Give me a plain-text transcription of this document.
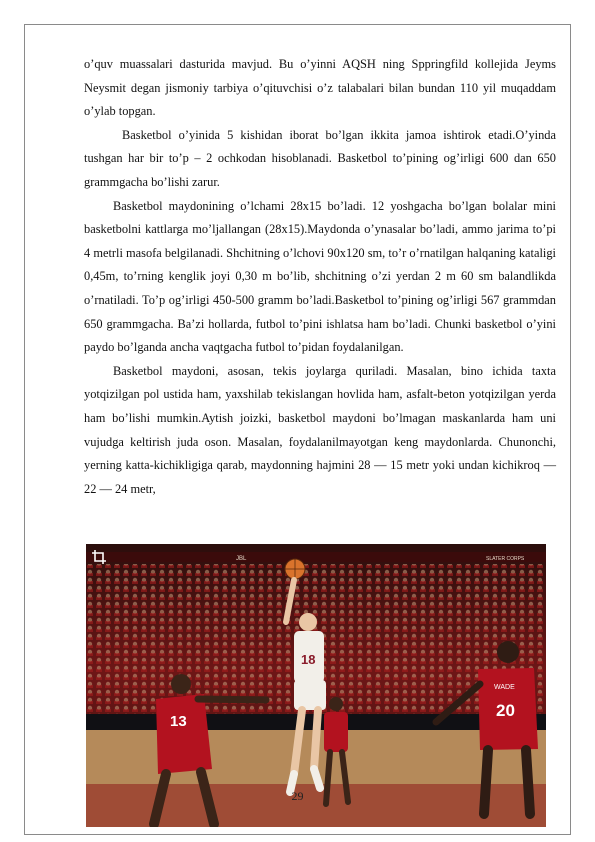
o’quv muassalari dasturida mavjud. Bu o’yinni AQSH ning Sppringfild kollejida Jeyms Neysmit degan jismoniy tarbiya o’qituvchisi o’z talabalari bilan bundan 110 yil muqaddam o’ylab topgan.

Basketbol o’yinida 5 kishidan iborat bo’lgan ikkita jamoa ishtirok etadi.O’yinda tushgan har bir to’p – 2 ochkodan hisoblanadi. Basketbol to’pining og’irligi 600 dan 650 grammgacha bo’lishi zarur.

Basketbol maydonining o’lchami 28x15 bo’ladi. 12 yoshgacha bo’lgan bolalar mini basketbolni kattlarga mo’ljallangan (28x15).Maydonda o’ynasalar bo’ladi, ammo jarima to’pi 4 metrli masofa belgilanadi. Shchitning o’lchovi 90x120 sm, to’r o’rnatilgan halqaning kataligi 0,45m, to’rning kenglik joyi 0,30 m bo’lib, shchitning o’zi yerdan 2 m 60 sm balandlikda o’rnatiladi. To’p og’irligi 450-500 gramm bo’ladi.Basketbol to’pining og’irligi 567 grammdan 650 grammgacha. Ba’zi hollarda, futbol to’pini ishlatsa ham bo’ladi. Chunki basketbol o’yini paydo bo’lganda ancha vaqtgacha futbol to’pidan foydalanilgan.

Basketbol maydoni, asosan, tekis joylarga quriladi. Masalan, bino ichida taxta yotqizilgan pol ustida ham, yaxshilab tekislangan hovlida ham, asfalt-beton yotqizilgan yerda ham bo’lishi mumkin.Aytish joizki, basketbol maydoni bo’lmagan maskanlarda ham uni vujudga keltirish juda oson. Masalan, foydalanilmayotgan keng maydonlarda. Chunonchi, yerning katta-kichikligiga qarab, maydonning hajmini 28 — 15 metr yoki undan kichikroq — 22 — 24 metr,

JBL	SLATER CORPS
18
13
WADE
20
29
